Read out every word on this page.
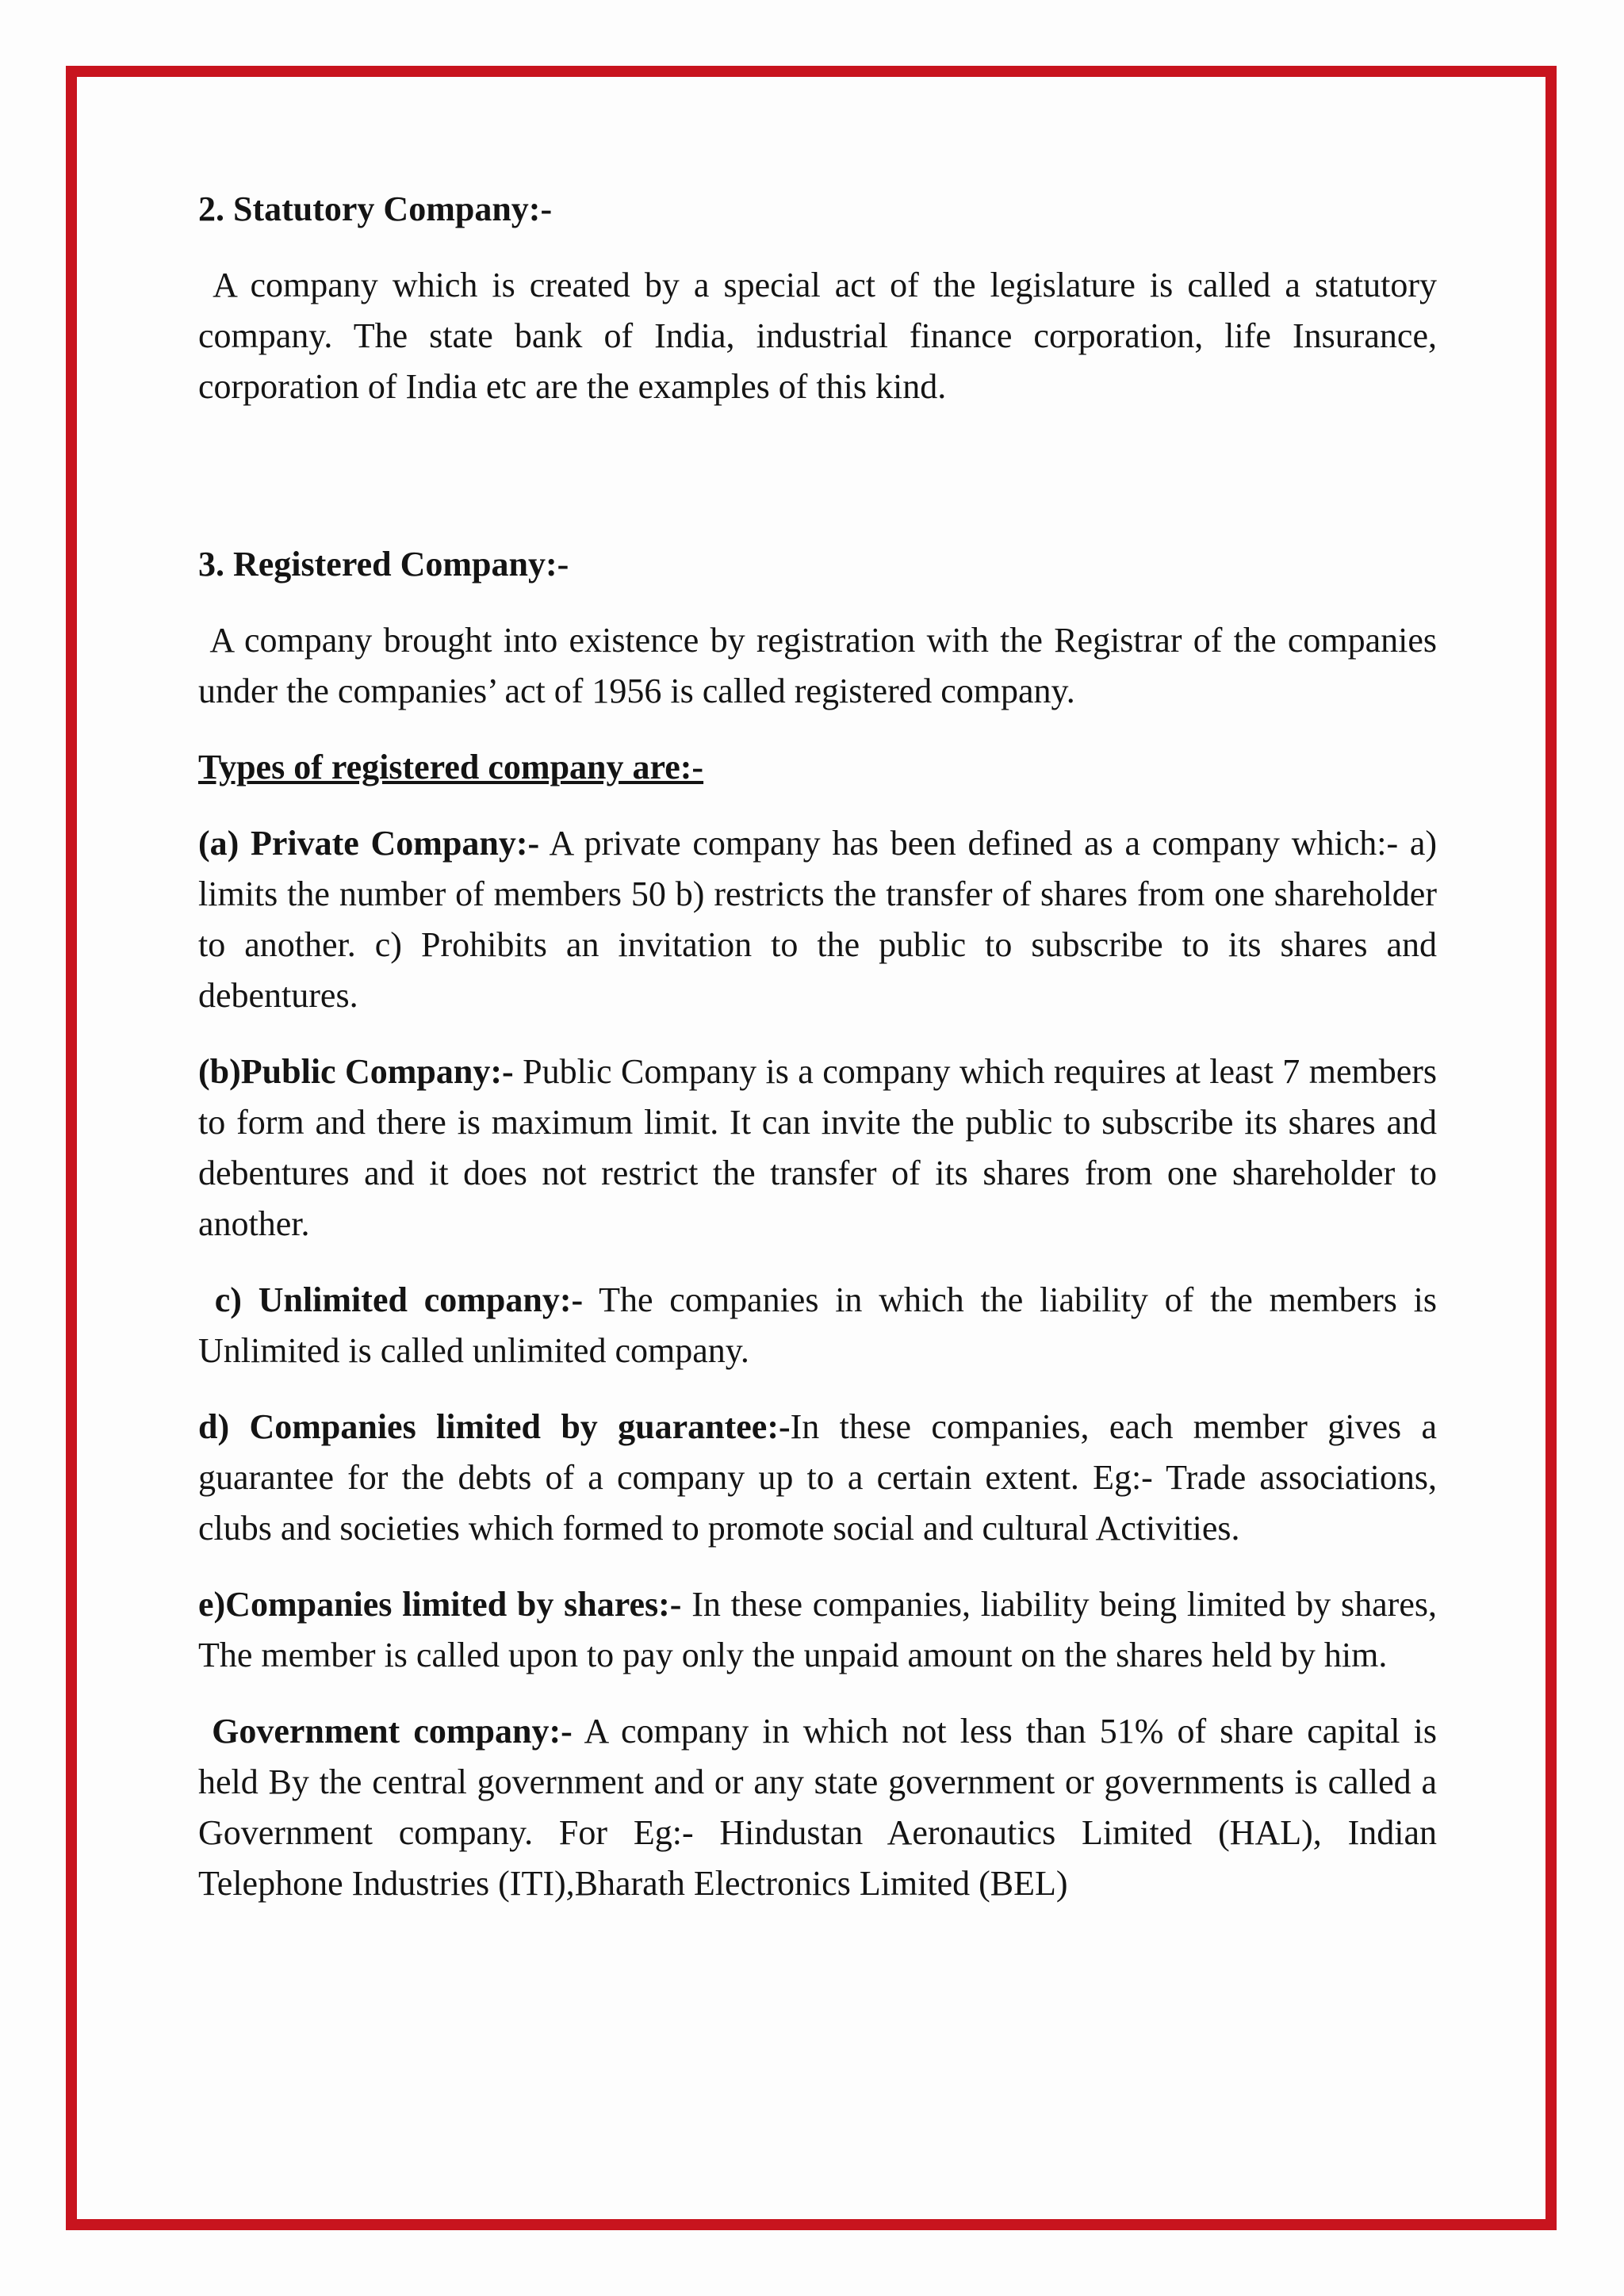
2. Statutory Company:-

A company which is created by a special act of the legislature is called a statutory company. The state bank of India, industrial finance corporation, life Insurance, corporation of India etc are the examples of this kind.

3. Registered Company:-

A company brought into existence by registration with the Registrar of the companies under the companies’ act of 1956 is called registered company.

Types of registered company are:-

(a) Private Company:- A private company has been defined as a company which:- a) limits the number of members 50 b) restricts the transfer of shares from one shareholder to another. c) Prohibits an invitation to the public to subscribe to its shares and debentures.

(b)Public Company:- Public Company is a company which requires at least 7 members to form and there is maximum limit. It can invite the public to subscribe its shares and debentures and it does not restrict the transfer of its shares from one shareholder to another.

c) Unlimited company:- The companies in which the liability of the members is Unlimited is called unlimited company.

d) Companies limited by guarantee:-In these companies, each member gives a guarantee for the debts of a company up to a certain extent. Eg:- Trade associations, clubs and societies which formed to promote social and cultural Activities.

e)Companies limited by shares:- In these companies, liability being limited by shares, The member is called upon to pay only the unpaid amount on the shares held by him.

Government company:- A company in which not less than 51% of share capital is held By the central government and or any state government or governments is called a Government company. For Eg:- Hindustan Aeronautics Limited (HAL), Indian Telephone Industries (ITI),Bharath Electronics Limited (BEL)
